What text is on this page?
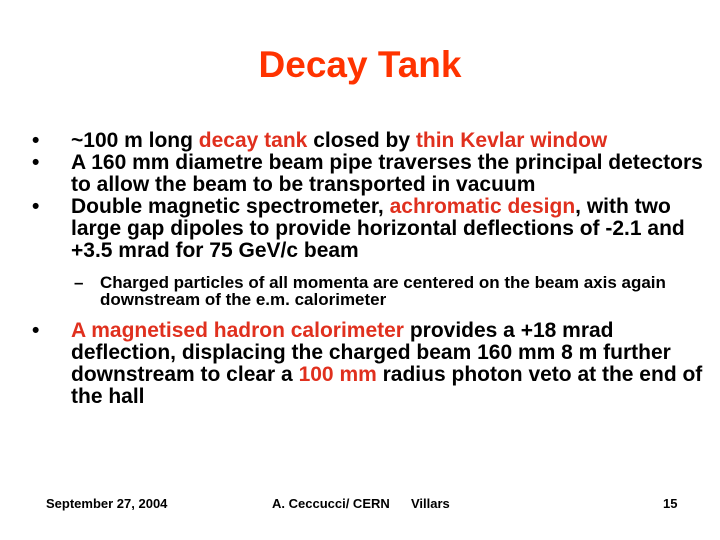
Decay Tank
•	~100 m long decay tank closed by thin Kevlar window
•	A 160 mm diametre beam pipe traverses the principal detectors to allow the beam to be transported in vacuum
•	Double magnetic spectrometer, achromatic design, with two large gap dipoles to provide horizontal deflections of -2.1 and +3.5 mrad for 75 GeV/c beam
– Charged particles of all momenta are centered on the beam axis again downstream of the e.m. calorimeter
•	A magnetised hadron calorimeter provides a +18 mrad deflection, displacing the charged beam 160 mm 8 m further downstream to clear a 100 mm radius photon veto at the end of the hall
September 27, 2004	A. Ceccucci/ CERN Villars	15
